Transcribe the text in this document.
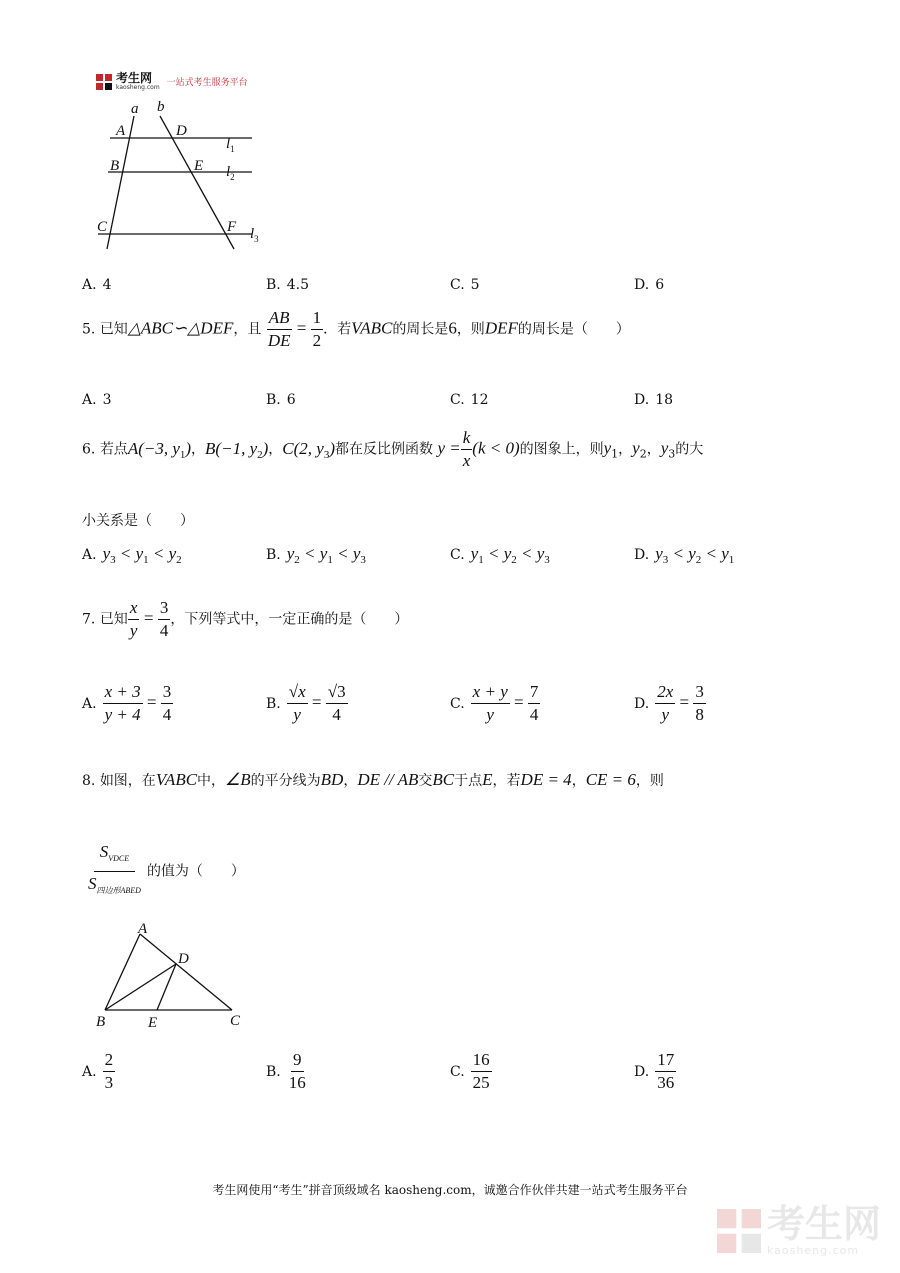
考生网
kaosheng.com 一站式考生服务平台
a b
A	D
B	E
C	F
$l_1$
$l_2$
$l_3$
A. 4	B. 4.5	C. 5	D. 6
5. 已知△ABC∽△DEF，且 $\frac{AB}{DE} = \frac{1}{2}$ ．若VABC的周长是6，则DEF的周长是（　　）
A. 3	B. 6	C. 12	D. 18
6. 若点A(−3, $y_1$)，B(−1, $y_2$)，C(2, $y_3$)都在反比例函数 $y = \frac{k}{x} (k < 0)$的图象上，则$y_1$，$y_2$，$y_3$的大
小关系是（　　）
A. $y_3 < y_1 < y_2$	B. $y_2 < y_1 < y_3$	C. $y_1 < y_2 < y_3$	D. $y_3 < y_2 < y_1$
7. 已知 $\frac{x}{y} = \frac{3}{4}$ ，下列等式中，一定正确的是（　　）
A. $\frac{x + 3}{y + 4} = \frac{3}{4}$	B. $\frac{√x}{y} = \frac{√3}{4}$	C. $\frac{x + y}{y} = \frac{7}{4}$	D. $\frac{2x}{y} = \frac{3}{8}$
8. 如图，在VABC中，∠B的平分线为BD，DE // AB交BC于点E，若DE = 4，CE = 6，则
$\frac{S_{VDCE}}{S_{四边形ABED}}$ 的值为（　　）
A
D
B	E	C
A. $\frac{2}{3}$	B. $\frac{9}{16}$	C. $\frac{16}{25}$	D. $\frac{17}{36}$
考生网使用“考生”拼音顶级域名 kaosheng.com，诚邀合作伙伴共建一站式考生服务平台
考生网
kaosheng.com
